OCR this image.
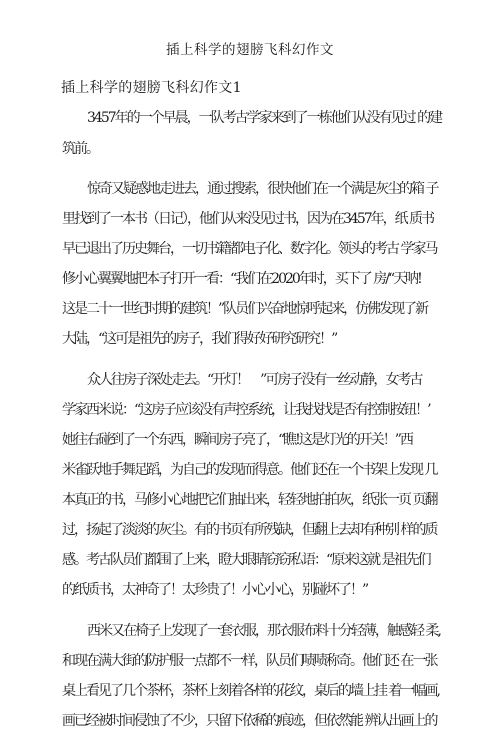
插上科学的翅膀飞科幻作文
插上科学的翅膀飞科幻作文1
3457年的一个早晨，一队考古学家来到了一栋他们从没有见过 的建
筑前。
惊奇又疑惑地走进去，通过搜索，很快他们在一个满是灰尘的箱 子
里找到了一本书（日记），他们从来没见过书，因为在3457年，纸 质书
早已退出了历史舞台，一切书籍都电子化、数字化。领头的考古 学家马
修小心翼翼地把本子打开一看：“我们在2020年时，买下了 房/“天呐!
这是二十一世纪时期的建筑！”队员们兴奋地惊呼起来，仿佛发现了新
大陆，“这可是祖先的房子，我们得好好研究研究！”
众人往房子深处走去。“开灯！　”可房子没有一丝动静，女考古
学家西米说：“这房子应该没有声控系统，让我找找是否有控制按钮！’
她往右碰到了一个东西，瞬间房子亮了，“瞧!这是灯光的开关！”西
米雀跃地手舞足蹈，为自己的发现而得意。他们还在一个书架上发现 几
本真正的书，马修小心地把它们抽出来，轻轻地拍拍灰，纸张一页 页翻
过，扬起了淡淡的灰尘。有的书页有所残缺，但翻上去却有种别 样的质
感。考古队员们都围了上来，瞪大眼睛窃窃私语：“原来这就 是祖先们
的纸质书，太神奇了！太珍贵了！小心小心，别碰坏了！”
西米又在椅子上发现了一套衣服，那衣服布料十分轻薄，触感轻 柔,
和现在满大街的防护服一点都不一样，队员们啧啧称奇。他们还 在一张
桌上看见了几个茶杯，茶杯上刻着各样的花纹，桌后的墙上挂 着一幅画,
画已经被时间侵蚀了不少，只留下依稀的痕迹，但依然能 辨认出画上的
